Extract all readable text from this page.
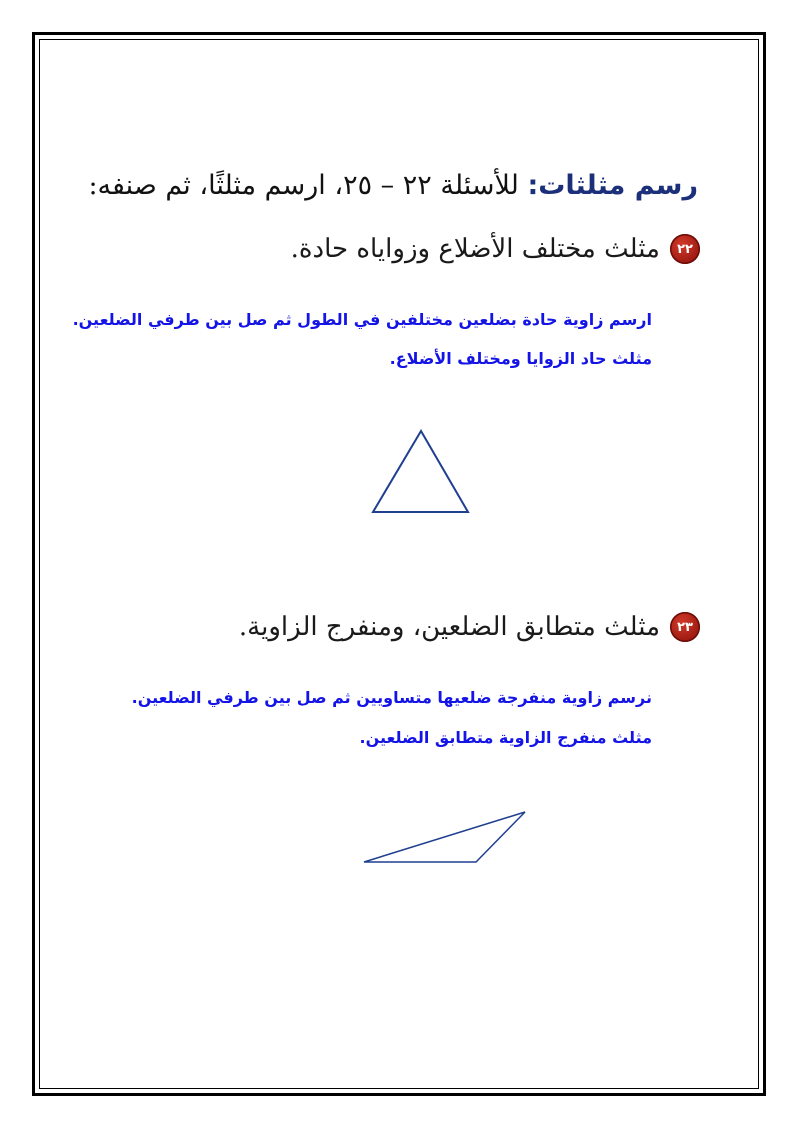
رسم مثلثات: للأسئلة ٢٢ – ٢٥، ارسم مثلثًا، ثم صنفه:
٢٢
مثلث مختلف الأضلاع وزواياه حادة.
ارسم زاوية حادة بضلعين مختلفين في الطول ثم صل بين طرفي الضلعين.
مثلث حاد الزوايا ومختلف الأضلاع.
٢٣
مثلث متطابق الضلعين، ومنفرج الزاوية.
نرسم زاوية منفرجة ضلعيها متساويين ثم صل بين طرفي الضلعين.
مثلث منفرج الزاوية متطابق الضلعين.
